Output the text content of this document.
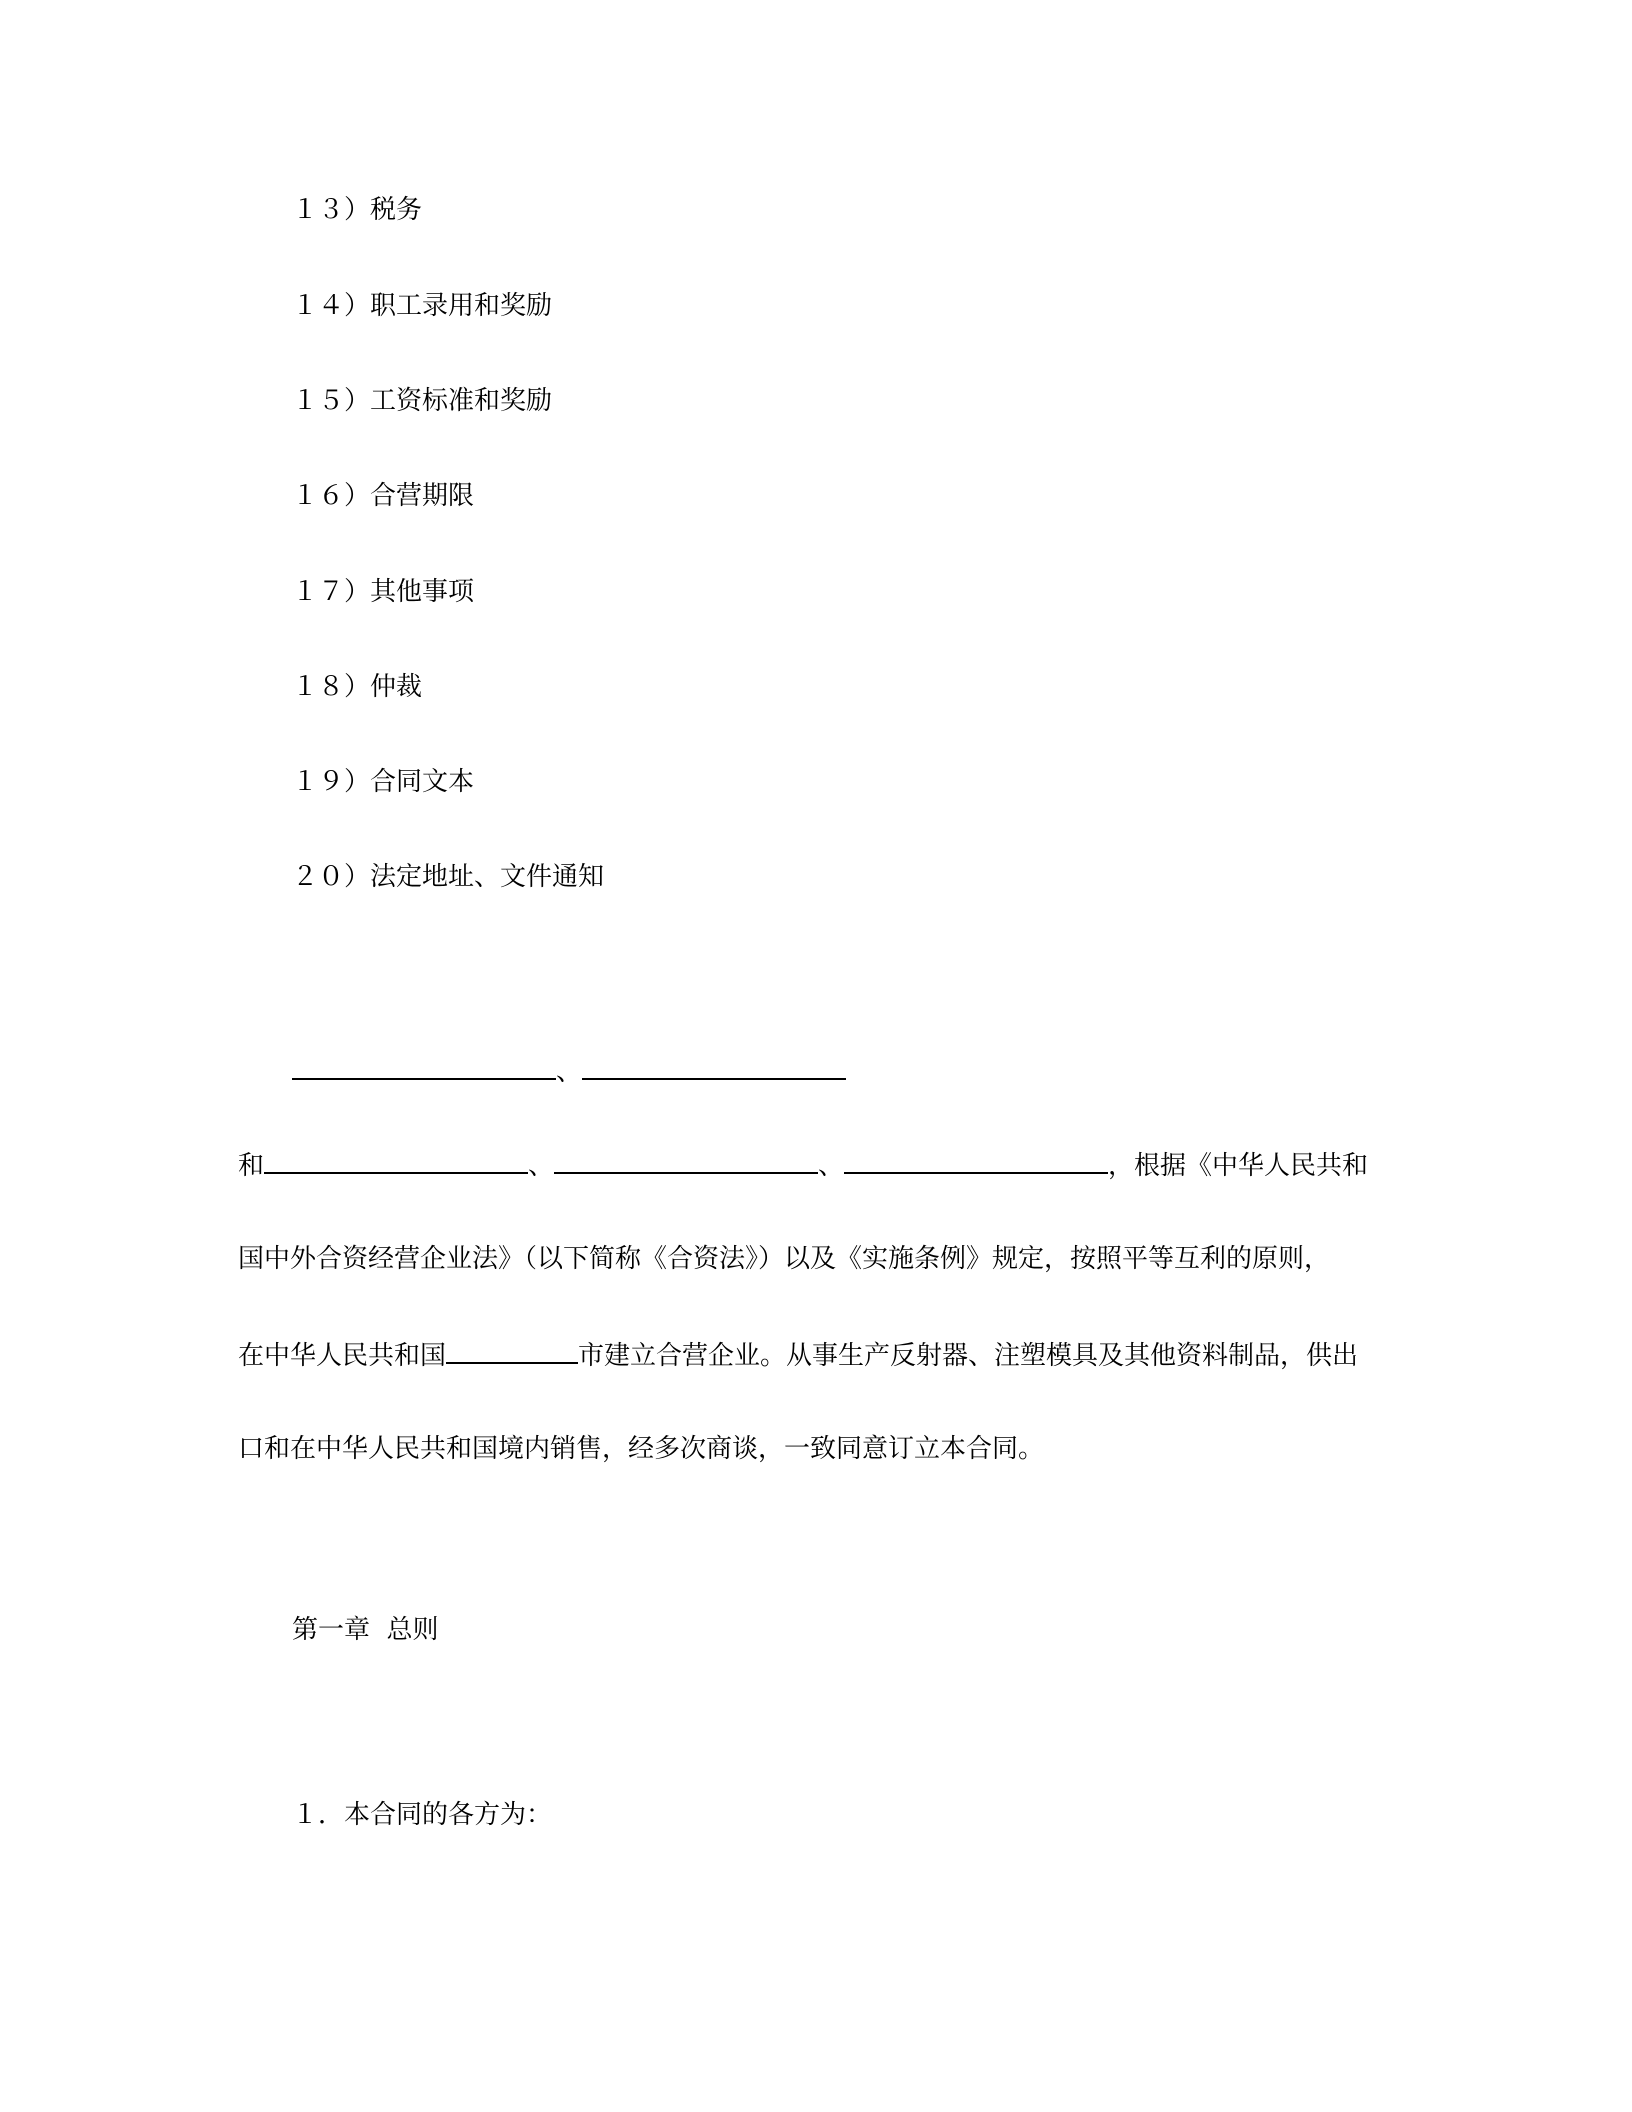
１３）税务
１４）职工录用和奖励
１５）工资标准和奖励
１６）合营期限
１７）其他事项
１８）仲裁
１９）合同文本
２０）法定地址、文件通知
、
和	、	、	，根据《中华人民共和
国中外合资经营企业法》（以下简称《合资法》）以及《实施条例》规定，按照平等互利的原则，
在中华人民共和国	市建立合营企业。从事生产反射器、注塑模具及其他资料制品，供出
口和在中华人民共和国境内销售，经多次商谈，一致同意订立本合同。
第一章  总则
１．本合同的各方为：
